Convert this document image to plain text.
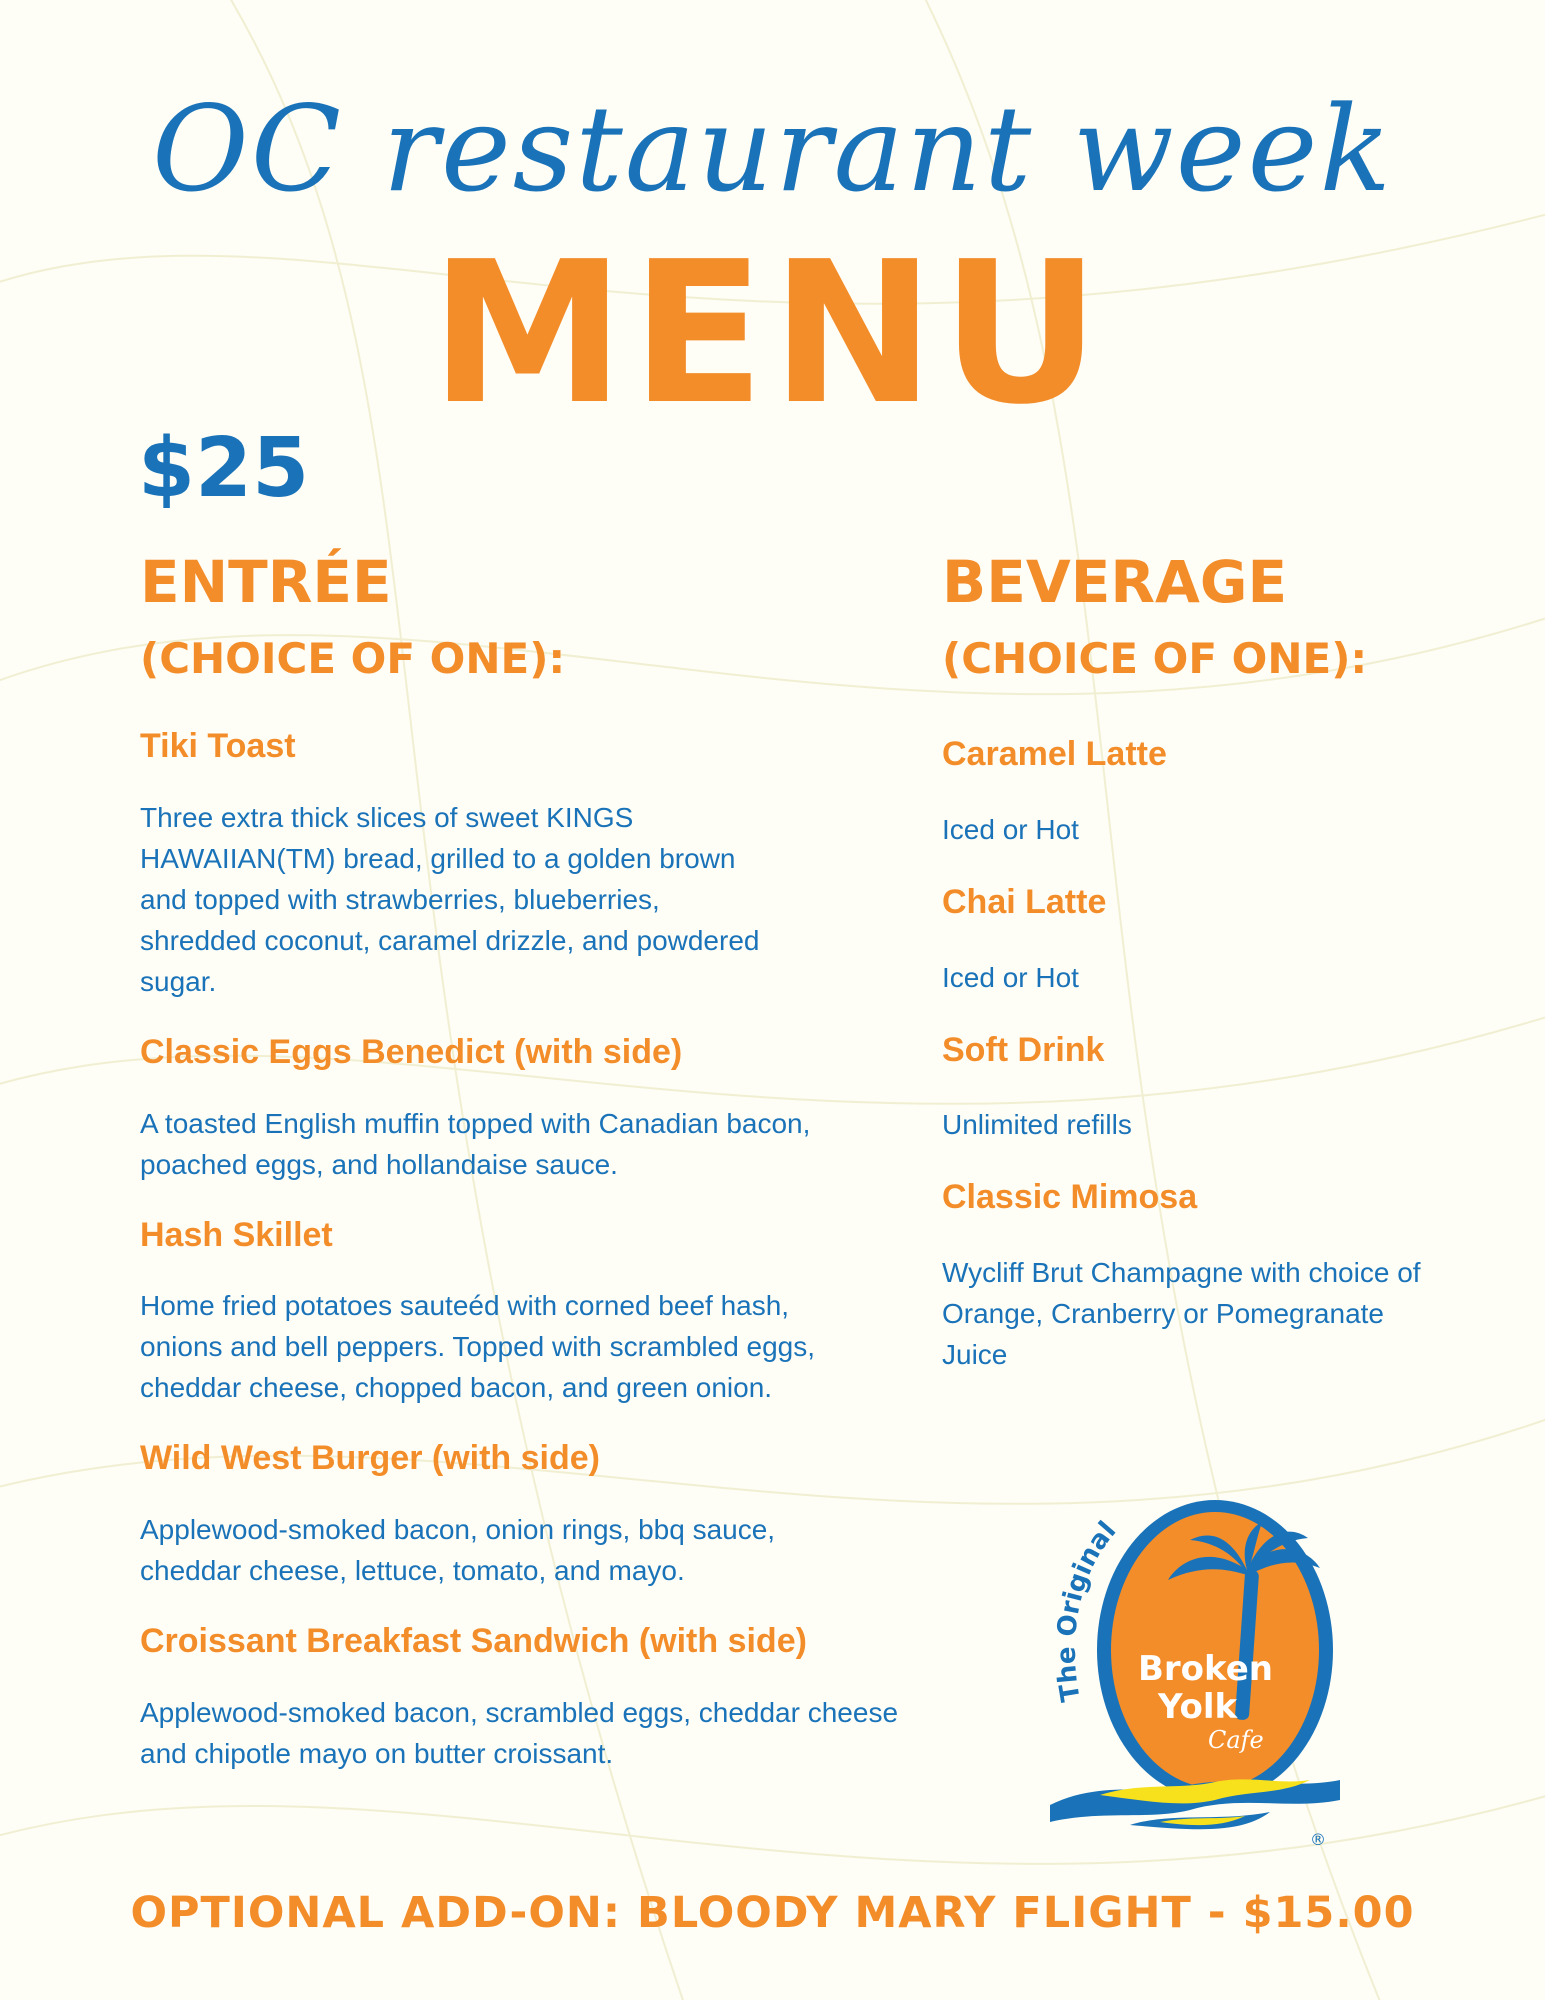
OC restaurant week
MENU
$25
ENTRÉE
(CHOICE OF ONE):
Tiki Toast

Three extra thick slices of sweet KINGS HAWAIIAN(TM) bread, grilled to a golden brown and topped with strawberries, blueberries, shredded coconut, caramel drizzle, and powdered sugar.

Classic Eggs Benedict (with side)

A toasted English muffin topped with Canadian bacon, poached eggs, and hollandaise sauce.

Hash Skillet

Home fried potatoes sauteéd with corned beef hash, onions and bell peppers. Topped with scrambled eggs, cheddar cheese, chopped bacon, and green onion.

Wild West Burger (with side)

Applewood-smoked bacon, onion rings, bbq sauce, cheddar cheese, lettuce, tomato, and mayo.

Croissant Breakfast Sandwich (with side)

Applewood-smoked bacon, scrambled eggs, cheddar cheese and chipotle mayo on butter croissant.

BEVERAGE
(CHOICE OF ONE):
Caramel Latte

Iced or Hot

Chai Latte

Iced or Hot

Soft Drink

Unlimited refills

Classic Mimosa

Wycliff Brut Champagne with choice of Orange, Cranberry or Pomegranate Juice

Broken
Yolk
Cafe
The Original
®
OPTIONAL ADD-ON: BLOODY MARY FLIGHT - $15.00
